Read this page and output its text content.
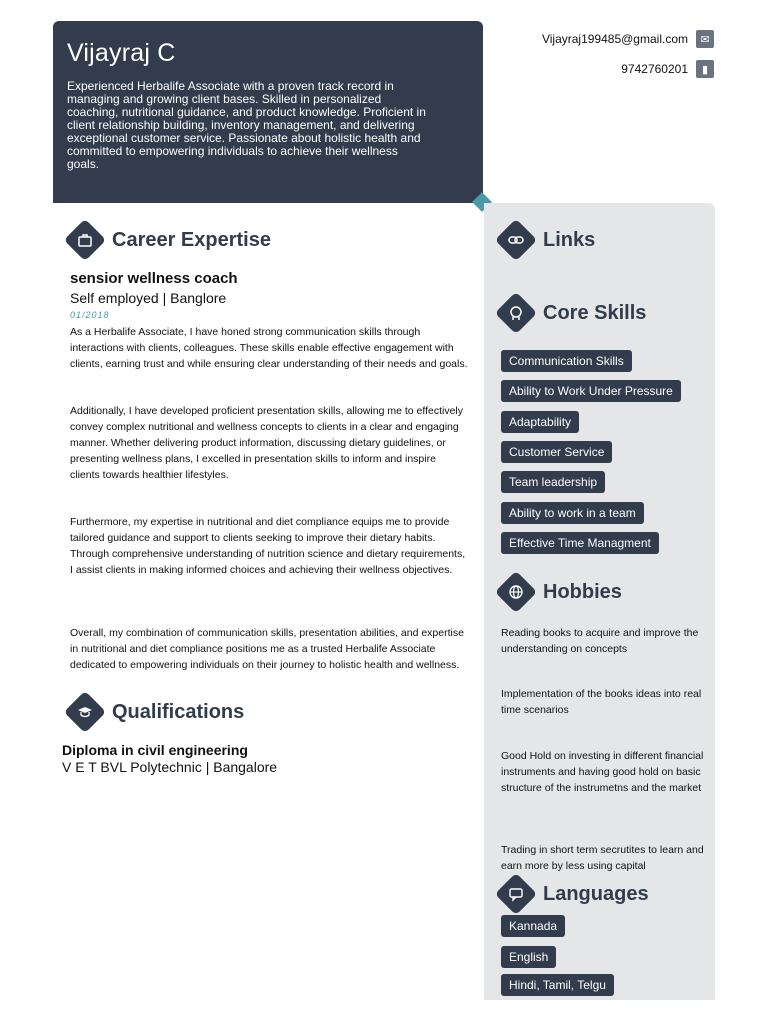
Vijayraj C
Experienced Herbalife Associate with a proven track record in managing and growing client bases. Skilled in personalized coaching, nutritional guidance, and product knowledge. Proficient in client relationship building, inventory management, and delivering exceptional customer service. Passionate about holistic health and committed to empowering individuals to achieve their wellness goals.
Vijayraj199485@gmail.com	✉
9742760201	▮
Career Expertise
sensior wellness coach
Self employed | Banglore
01/2018
As a Herbalife Associate, I have honed strong communication skills through interactions with clients, colleagues. These skills enable effective engagement with clients, earning trust and while ensuring clear understanding of their needs and goals.
Additionally, I have developed proficient presentation skills, allowing me to effectively convey complex nutritional and wellness concepts to clients in a clear and engaging manner. Whether delivering product information, discussing dietary guidelines, or presenting wellness plans, I excelled in presentation skills to inform and inspire clients towards healthier lifestyles.
Furthermore, my expertise in nutritional and diet compliance equips me to provide tailored guidance and support to clients seeking to improve their dietary habits. Through comprehensive understanding of nutrition science and dietary requirements, I assist clients in making informed choices and achieving their wellness objectives.
Overall, my combination of communication skills, presentation abilities, and expertise in nutritional and diet compliance positions me as a trusted Herbalife Associate dedicated to empowering individuals on their journey to holistic health and wellness.
Qualifications
Diploma in civil engineering
V E T BVL Polytechnic | Bangalore
Links
Core Skills
Communication Skills
Ability to Work Under Pressure
Adaptability
Customer Service
Team leadership
Ability to work in a team
Effective Time Managment
Hobbies
Reading books to acquire and improve the understanding on concepts
Implementation of the books ideas into real time scenarios
Good Hold on investing in different financial instruments and having good hold on basic structure of the instrumetns and the market
Trading in short term secrutites to learn and earn more by less using capital
Languages
Kannada
English
Hindi, Tamil, Telgu
